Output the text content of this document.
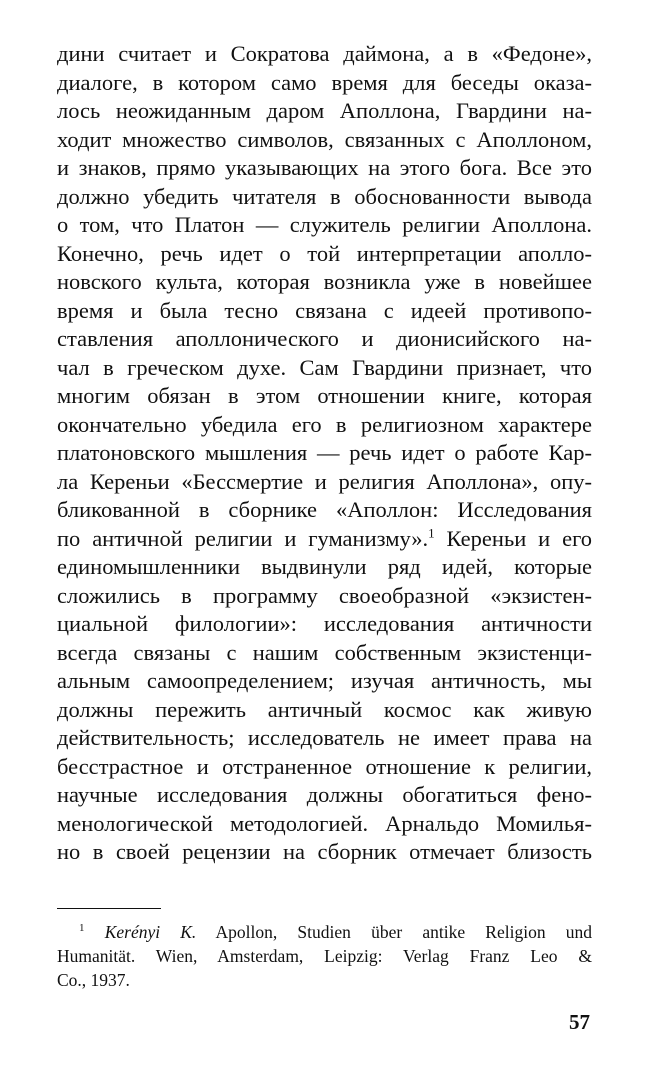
дини считает и Сократова даймона, а в «Федоне»,
диалоге, в котором само время для беседы оказа-
лось неожиданным даром Аполлона, Гвардини на-
ходит множество символов, связанных с Аполлоном,
и знаков, прямо указывающих на этого бога. Все это
должно убедить читателя в обоснованности вывода
о том, что Платон — служитель религии Аполлона.
Конечно, речь идет о той интерпретации аполло-
новского культа, которая возникла уже в новейшее
время и была тесно связана с идеей противопо-
ставления аполлонического и дионисийского на-
чал в греческом духе. Сам Гвардини признает, что
многим обязан в этом отношении книге, которая
окончательно убедила его в религиозном характере
платоновского мышления — речь идет о работе Кар-
ла Кереньи «Бессмертие и религия Аполлона», опу-
бликованной в сборнике «Аполлон: Исследования
по античной религии и гуманизму».$^1$ Кереньи и его
единомышленники выдвинули ряд идей, которые
сложились в программу своеобразной «экзистен-
циальной филологии»: исследования античности
всегда связаны с нашим собственным экзистенци-
альным самоопределением; изучая античность, мы
должны пережить античный космос как живую
действительность; исследователь не имеет права на
бесстрастное и отстраненное отношение к религии,
научные исследования должны обогатиться фено-
менологической методологией. Арнальдо Момилья-
но в своей рецензии на сборник отмечает близость
$^1$ Kerényi K. Apollon, Studien über antike Religion und
Humanität. Wien, Amsterdam, Leipzig: Verlag Franz Leo &
Co., 1937.
57
